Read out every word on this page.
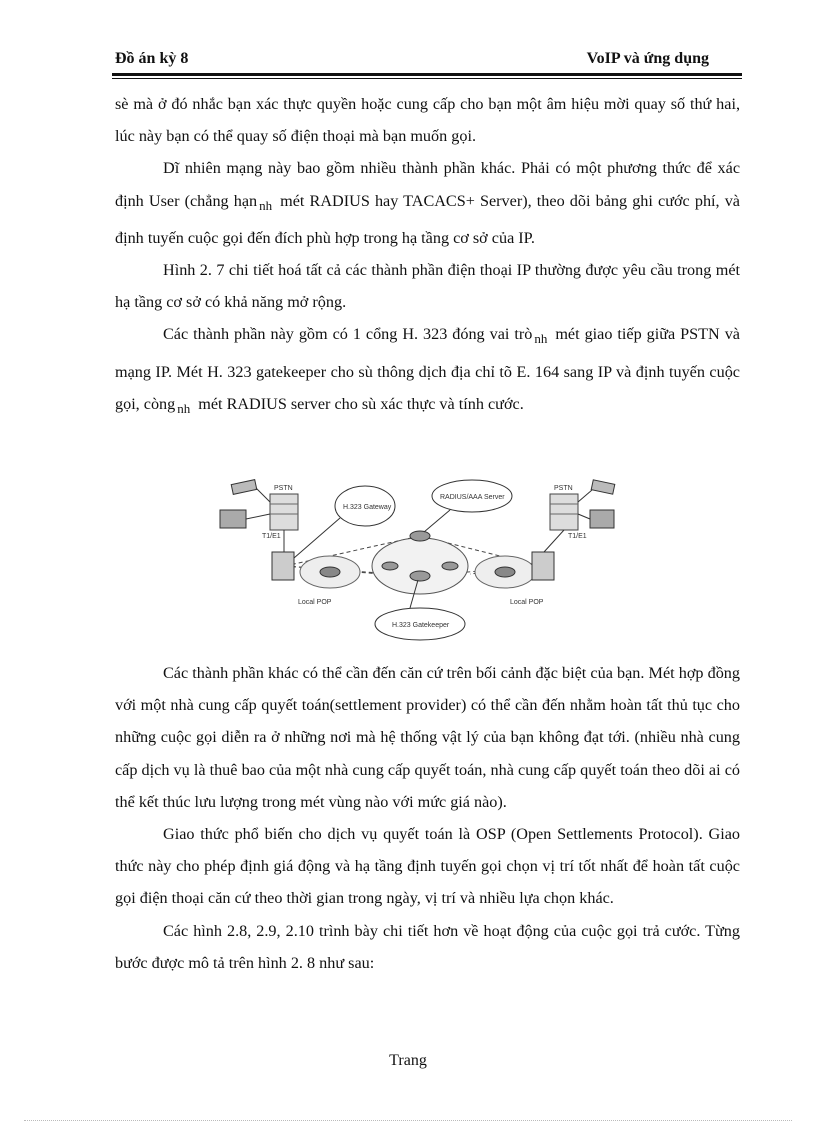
Đồ án kỳ 8	VoIP và ứng dụng

sè mà ở đó nhắc bạn xác thực quyền hoặc cung cấp cho bạn một âm hiệu mời quay số thứ hai, lúc này bạn có thể quay số điện thoại mà bạn muốn gọi.

Dĩ nhiên mạng này bao gồm nhiều thành phần khác. Phải có một phương thức để xác định User (chẳng hạn $_{nh}$ mét RADIUS hay TACACS+ Server), theo dõi bảng ghi cước phí, và định tuyến cuộc gọi đến đích phù hợp trong hạ tầng cơ sở của IP.

Hình 2. 7 chi tiết hoá tất cả các thành phần điện thoại IP thường được yêu cầu trong mét hạ tầng cơ sở có khả năng mở rộng.

Các thành phần này gồm có 1 cổng H. 323 đóng vai trò $_{nh}$ mét giao tiếp giữa PSTN và mạng IP. Mét H. 323 gatekeeper cho sù thông dịch địa chỉ tõ E. 164 sang IP và định tuyến cuộc gọi, còng $_{nh}$ mét RADIUS server cho sù xác thực và tính cước.

PSTN
T1/E1
PSTN
T1/E1
H.323 Gateway
RADIUS/AAA Server
H.323 Gatekeeper
Local POP	Local POP

Các thành phần khác có thể cần đến căn cứ trên bối cảnh đặc biệt của bạn. Mét hợp đồng với một nhà cung cấp quyết toán(settlement provider) có thể cần đến nhằm hoàn tất thủ tục cho những cuộc gọi diễn ra ở những nơi mà hệ thống vật lý của bạn không đạt tới. (nhiều nhà cung cấp dịch vụ là thuê bao của một nhà cung cấp quyết toán, nhà cung cấp quyết toán theo dõi ai có thể kết thúc lưu lượng trong mét vùng nào với mức giá nào).

Giao thức phổ biến cho dịch vụ quyết toán là OSP (Open Settlements Protocol). Giao thức này cho phép định giá động và hạ tầng định tuyến gọi chọn vị trí tốt nhất để hoàn tất cuộc gọi điện thoại căn cứ theo thời gian trong ngày, vị trí và nhiều lựa chọn khác.

Các hình 2.8, 2.9, 2.10 trình bày chi tiết hơn về hoạt động của cuộc gọi trả cước. Từng bước được mô tả trên hình 2. 8 như sau:

Trang
